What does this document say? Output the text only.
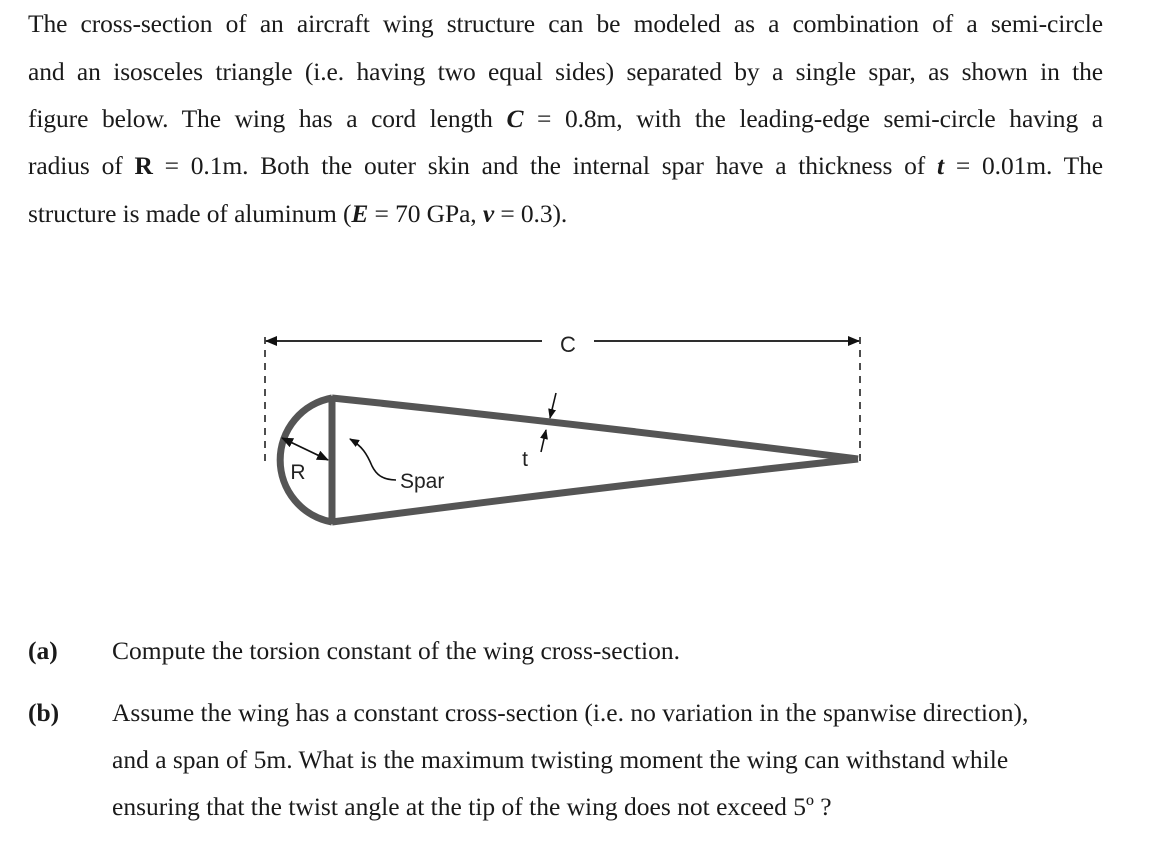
The cross-section of an aircraft wing structure can be modeled as a combination of a semi-circle
and an isosceles triangle (i.e. having two equal sides) separated by a single spar, as shown in the
figure below. The wing has a cord length C = 0.8m, with the leading-edge semi-circle having a
radius of R = 0.1m. Both the outer skin and the internal spar have a thickness of t = 0.01m. The
structure is made of aluminum (E = 70 GPa, ν = 0.3).
C
R	Spar
t
(a) Compute the torsion constant of the wing cross-section.
(b) Assume the wing has a constant cross-section (i.e. no variation in the spanwise direction),
and a span of 5m. What is the maximum twisting moment the wing can withstand while
ensuring that the twist angle at the tip of the wing does not exceed 5º ?
